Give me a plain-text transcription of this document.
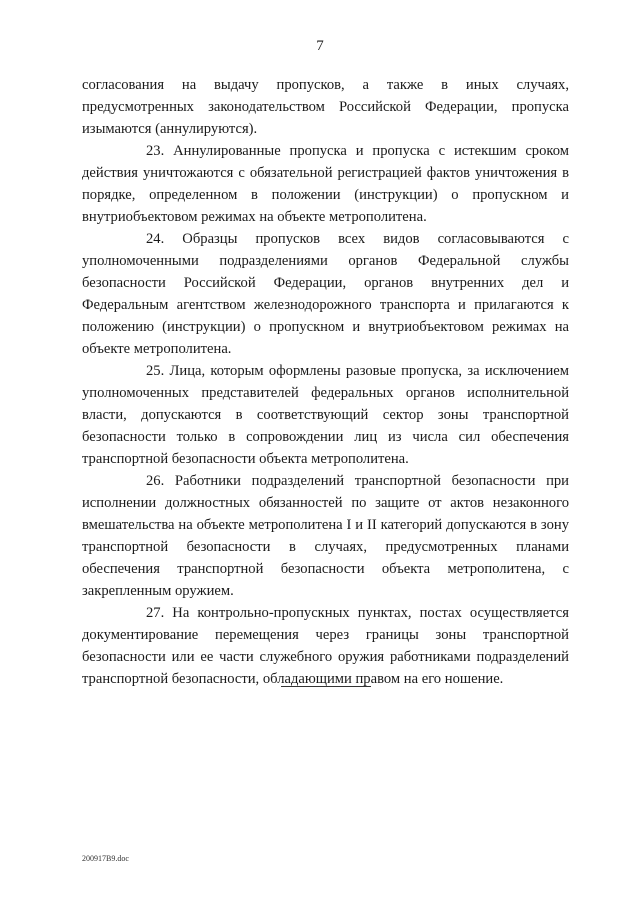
7

согласования на выдачу пропусков, а также в иных случаях, предусмотренных законодательством Российской Федерации, пропуска изымаются (аннулируются).

23. Аннулированные пропуска и пропуска с истекшим сроком действия уничтожаются с обязательной регистрацией фактов уничтожения в порядке, определенном в положении (инструкции) о пропускном и внутриобъектовом режимах на объекте метрополитена.

24. Образцы пропусков всех видов согласовываются с уполномоченными подразделениями органов Федеральной службы безопасности Российской Федерации, органов внутренних дел и Федеральным агентством железнодорожного транспорта и прилагаются к положению (инструкции) о пропускном и внутриобъектовом режимах на объекте метрополитена.

25. Лица, которым оформлены разовые пропуска, за исключением уполномоченных представителей федеральных органов исполнительной власти, допускаются в соответствующий сектор зоны транспортной безопасности только в сопровождении лиц из числа сил обеспечения транспортной безопасности объекта метрополитена.

26. Работники подразделений транспортной безопасности при исполнении должностных обязанностей по защите от актов незаконного вмешательства на объекте метрополитена I и II категорий допускаются в зону транспортной безопасности в случаях, предусмотренных планами обеспечения транспортной безопасности объекта метрополитена, с закрепленным оружием.

27. На контрольно-пропускных пунктах, постах осуществляется документирование перемещения через границы зоны транспортной безопасности или ее части служебного оружия работниками подразделений транспортной безопасности, обладающими правом на его ношение.

200917В9.doc
